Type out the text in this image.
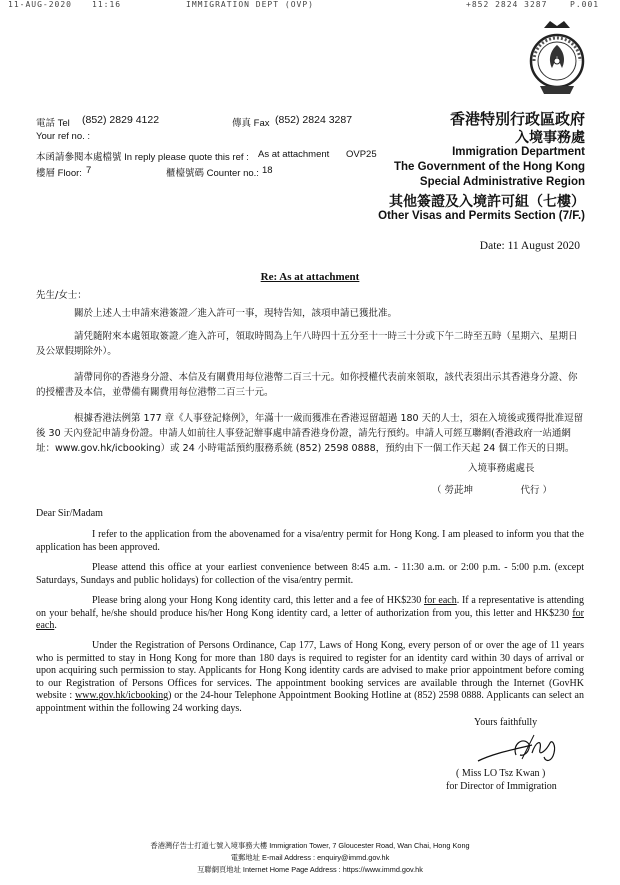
11-AUG-2020	11:16	IMMIGRATION DEPT (OVP)	+852 2824 3287	P.001
電話 Tel (852) 2829 4122	傳真 Fax (852) 2824 3287
Your ref no. :
本函請參閱本處檔號 In reply please quote this ref : As at attachment OVP25
樓層 Floor: 7	櫃檯號碼 Counter no.: 18
香港特別行政區政府
入境事務處
Immigration Department
The Government of the Hong Kong
Special Administrative Region
其他簽證及入境許可組（七樓）
Other Visas and Permits Section (7/F.)
Date: 11 August 2020
Re: As at attachment
先生/女士：
關於上述人士申請來港簽證／進入許可一事，現特告知，該項申請已獲批准。
請凭隨附來本處領取簽證／進入許可，領取時間為上午八時四十五分至十一時三十分或下午二時至五時（星期六、星期日及公眾假期除外）。
請帶同你的香港身分證、本信及有關費用每位港幣二百三十元。如你授權代表前來領取，該代表須出示其香港身分證、你的授權書及本信，並帶備有關費用每位港幣二百三十元。
根據香港法例第 177 章《人事登記條例》，年滿十一歲而獲准在香港逗留超過 180 天的人士，須在入境後或獲得批准逗留後 30 天內登記申請身份證。申請人如前往人事登記辦事處申請香港身份證，請先行預約。申請人可經互聯網(香港政府一站通網址：www.gov.hk/icbooking）或 24 小時電話預約服務系統 (852) 2598 0888，預約由下一個工作天起 24 個工作天的日期。
入境事務處處長
（ 勞茈坤　　　　　代行 ）
Dear Sir/Madam
I refer to the application from the abovenamed for a visa/entry permit for Hong Kong. I am pleased to inform you that the application has been approved.
Please attend this office at your earliest convenience between 8:45 a.m. - 11:30 a.m. or 2:00 p.m. - 5:00 p.m. (except Saturdays, Sundays and public holidays) for collection of the visa/entry permit.
Please bring along your Hong Kong identity card, this letter and a fee of HK$230 for each. If a representative is attending on your behalf, he/she should produce his/her Hong Kong identity card, a letter of authorization from you, this letter and HK$230 for each.
Under the Registration of Persons Ordinance, Cap 177, Laws of Hong Kong, every person of or over the age of 11 years who is permitted to stay in Hong Kong for more than 180 days is required to register for an identity card within 30 days of arrival or upon acquiring such permission to stay. Applicants for Hong Kong identity cards are advised to make prior appointment before coming to our Registration of Persons Offices for services. The appointment booking services are available through the Internet (GovHK website : www.gov.hk/icbooking) or the 24-hour Telephone Appointment Booking Hotline at (852) 2598 0888. Applicants can select an appointment within the following 24 working days.
Yours faithfully
( Miss LO Tsz Kwan )
for Director of Immigration
香港灣仔告士打道七號入境事務大樓 Immigration Tower, 7 Gloucester Road, Wan Chai, Hong Kong
電郵地址 E-mail Address : enquiry@immd.gov.hk
互聯網頁地址 Internet Home Page Address : https://www.immd.gov.hk
